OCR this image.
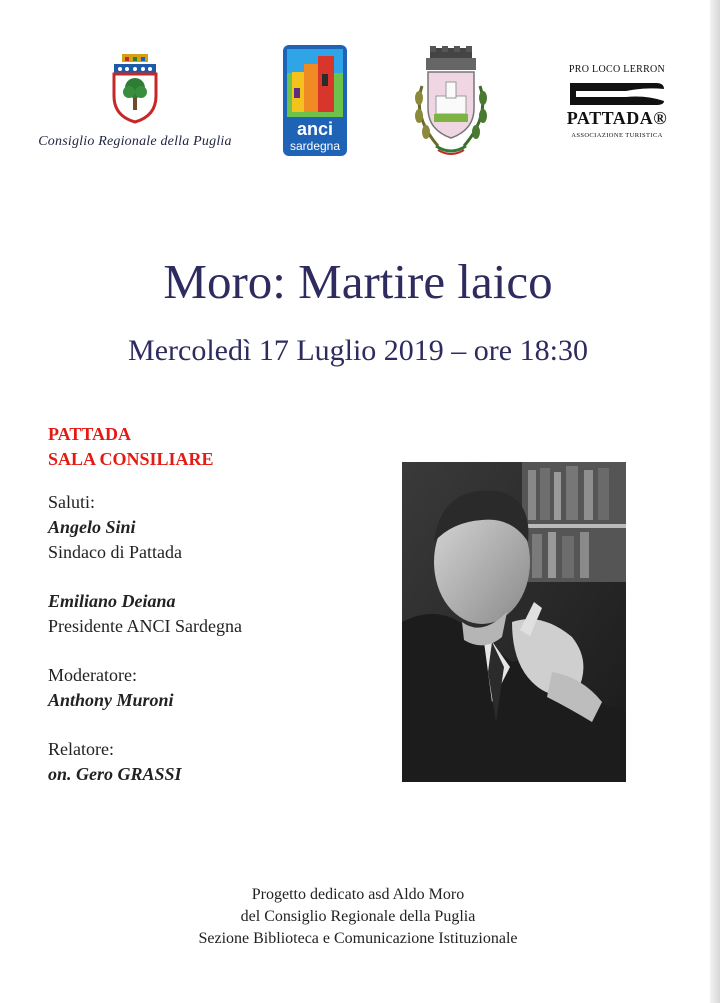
Consiglio Regionale della Puglia
anci
sardegna
PRO LOCO LERRON
PATTADA®
ASSOCIAZIONE TURISTICA
Moro: Martire laico
Mercoledì 17 Luglio 2019 – ore 18:30
PATTADA
SALA CONSILIARE
Saluti:
Angelo Sini
Sindaco di Pattada
Emiliano Deiana
Presidente ANCI Sardegna
Moderatore:
Anthony Muroni
Relatore:
on. Gero GRASSI
Progetto dedicato asd Aldo Moro
del Consiglio Regionale della Puglia
Sezione Biblioteca e Comunicazione Istituzionale
